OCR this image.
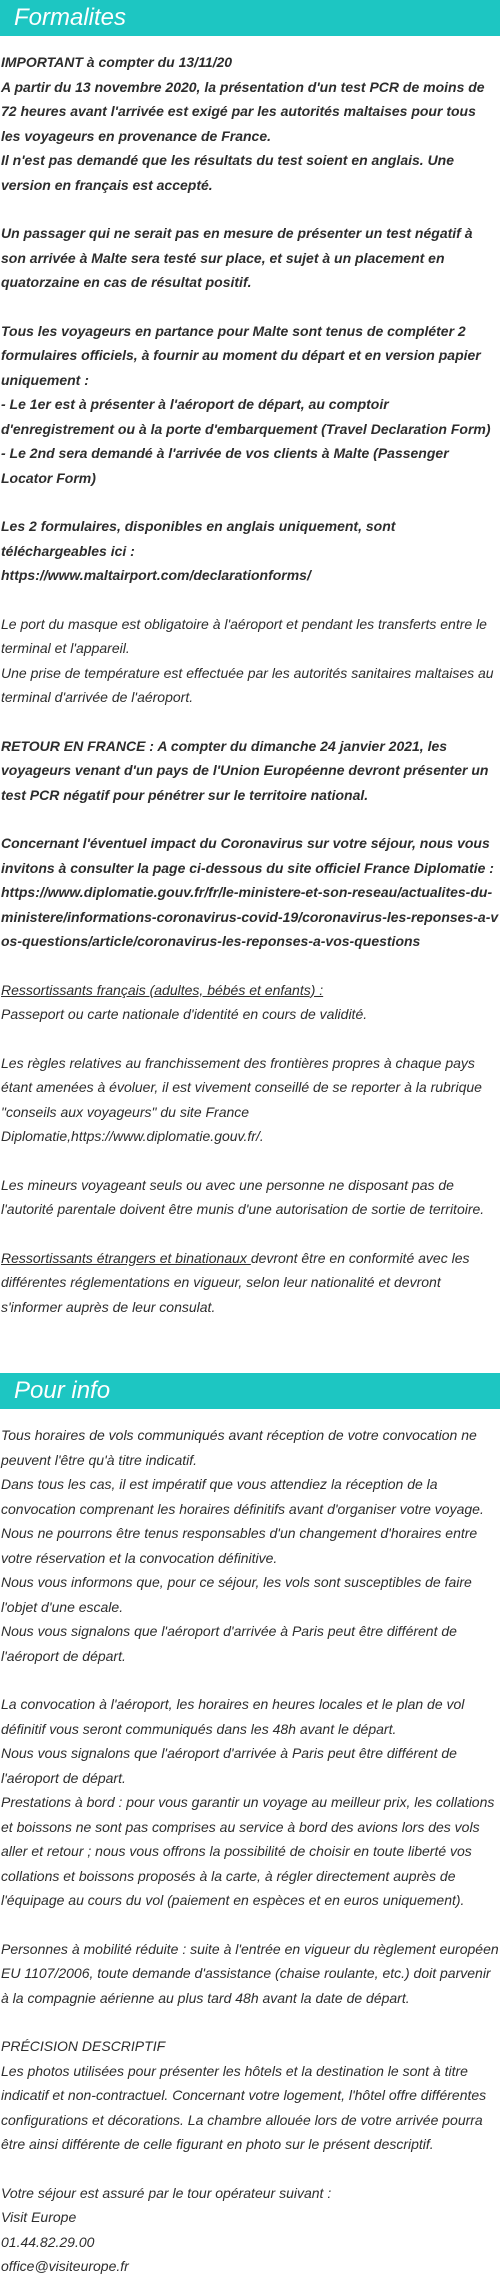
Formalites

IMPORTANT à compter du 13/11/20
A partir du 13 novembre 2020, la présentation d'un test PCR de moins de 72 heures avant l'arrivée est exigé par les autorités maltaises pour tous les voyageurs en provenance de France.
Il n'est pas demandé que les résultats du test soient en anglais. Une version en français est accepté.

Un passager qui ne serait pas en mesure de présenter un test négatif à son arrivée à Malte sera testé sur place, et sujet à un placement en quatorzaine en cas de résultat positif.

Tous les voyageurs en partance pour Malte sont tenus de compléter 2 formulaires officiels, à fournir au moment du départ et en version papier uniquement :
- Le 1er est à présenter à l'aéroport de départ, au comptoir d'enregistrement ou à la porte d'embarquement (Travel Declaration Form)
- Le 2nd sera demandé à l'arrivée de vos clients à Malte (Passenger Locator Form)

Les 2 formulaires, disponibles en anglais uniquement, sont téléchargeables ici :
https://www.maltairport.com/declarationforms/

Le port du masque est obligatoire à l'aéroport et pendant les transferts entre le terminal et l'appareil.
Une prise de température est effectuée par les autorités sanitaires maltaises au terminal d'arrivée de l'aéroport.

RETOUR EN FRANCE : A compter du dimanche 24 janvier 2021, les voyageurs venant d'un pays de l'Union Européenne devront présenter un test PCR négatif pour pénétrer sur le territoire national.

Concernant l'éventuel impact du Coronavirus sur votre séjour, nous vous invitons à consulter la page ci-dessous du site officiel France Diplomatie :
https://www.diplomatie.gouv.fr/fr/le-ministere-et-son-reseau/actualites-du-ministere/informations-coronavirus-covid-19/coronavirus-les-reponses-a-vos-questions/article/coronavirus-les-reponses-a-vos-questions

Ressortissants français (adultes, bébés et enfants) :
Passeport ou carte nationale d'identité en cours de validité.

Les règles relatives au franchissement des frontières propres à chaque pays étant amenées à évoluer, il est vivement conseillé de se reporter à la rubrique "conseils aux voyageurs" du site France Diplomatie,https://www.diplomatie.gouv.fr/.

Les mineurs voyageant seuls ou avec une personne ne disposant pas de l'autorité parentale doivent être munis d'une autorisation de sortie de territoire.

Ressortissants étrangers et binationaux devront être en conformité avec les différentes réglementations en vigueur, selon leur nationalité et devront s'informer auprès de leur consulat.

Pour info

Tous horaires de vols communiqués avant réception de votre convocation ne peuvent l'être qu'à titre indicatif.
Dans tous les cas, il est impératif que vous attendiez la réception de la convocation comprenant les horaires définitifs avant d'organiser votre voyage.
Nous ne pourrons être tenus responsables d'un changement d'horaires entre votre réservation et la convocation définitive.
Nous vous informons que, pour ce séjour, les vols sont susceptibles de faire l'objet d'une escale.
Nous vous signalons que l'aéroport d'arrivée à Paris peut être différent de l'aéroport de départ.

La convocation à l'aéroport, les horaires en heures locales et le plan de vol définitif vous seront communiqués dans les 48h avant le départ.
Nous vous signalons que l'aéroport d'arrivée à Paris peut être différent de l'aéroport de départ.
Prestations à bord : pour vous garantir un voyage au meilleur prix, les collations et boissons ne sont pas comprises au service à bord des avions lors des vols aller et retour ; nous vous offrons la possibilité de choisir en toute liberté vos collations et boissons proposés à la carte, à régler directement auprès de l'équipage au cours du vol (paiement en espèces et en euros uniquement).

Personnes à mobilité réduite : suite à l'entrée en vigueur du règlement européen EU 1107/2006, toute demande d'assistance (chaise roulante, etc.) doit parvenir à la compagnie aérienne au plus tard 48h avant la date de départ.

PRÉCISION DESCRIPTIF
Les photos utilisées pour présenter les hôtels et la destination le sont à titre indicatif et non-contractuel. Concernant votre logement, l'hôtel offre différentes configurations et décorations. La chambre allouée lors de votre arrivée pourra être ainsi différente de celle figurant en photo sur le présent descriptif.

Votre séjour est assuré par le tour opérateur suivant :
Visit Europe
01.44.82.29.00
office@visiteurope.fr
